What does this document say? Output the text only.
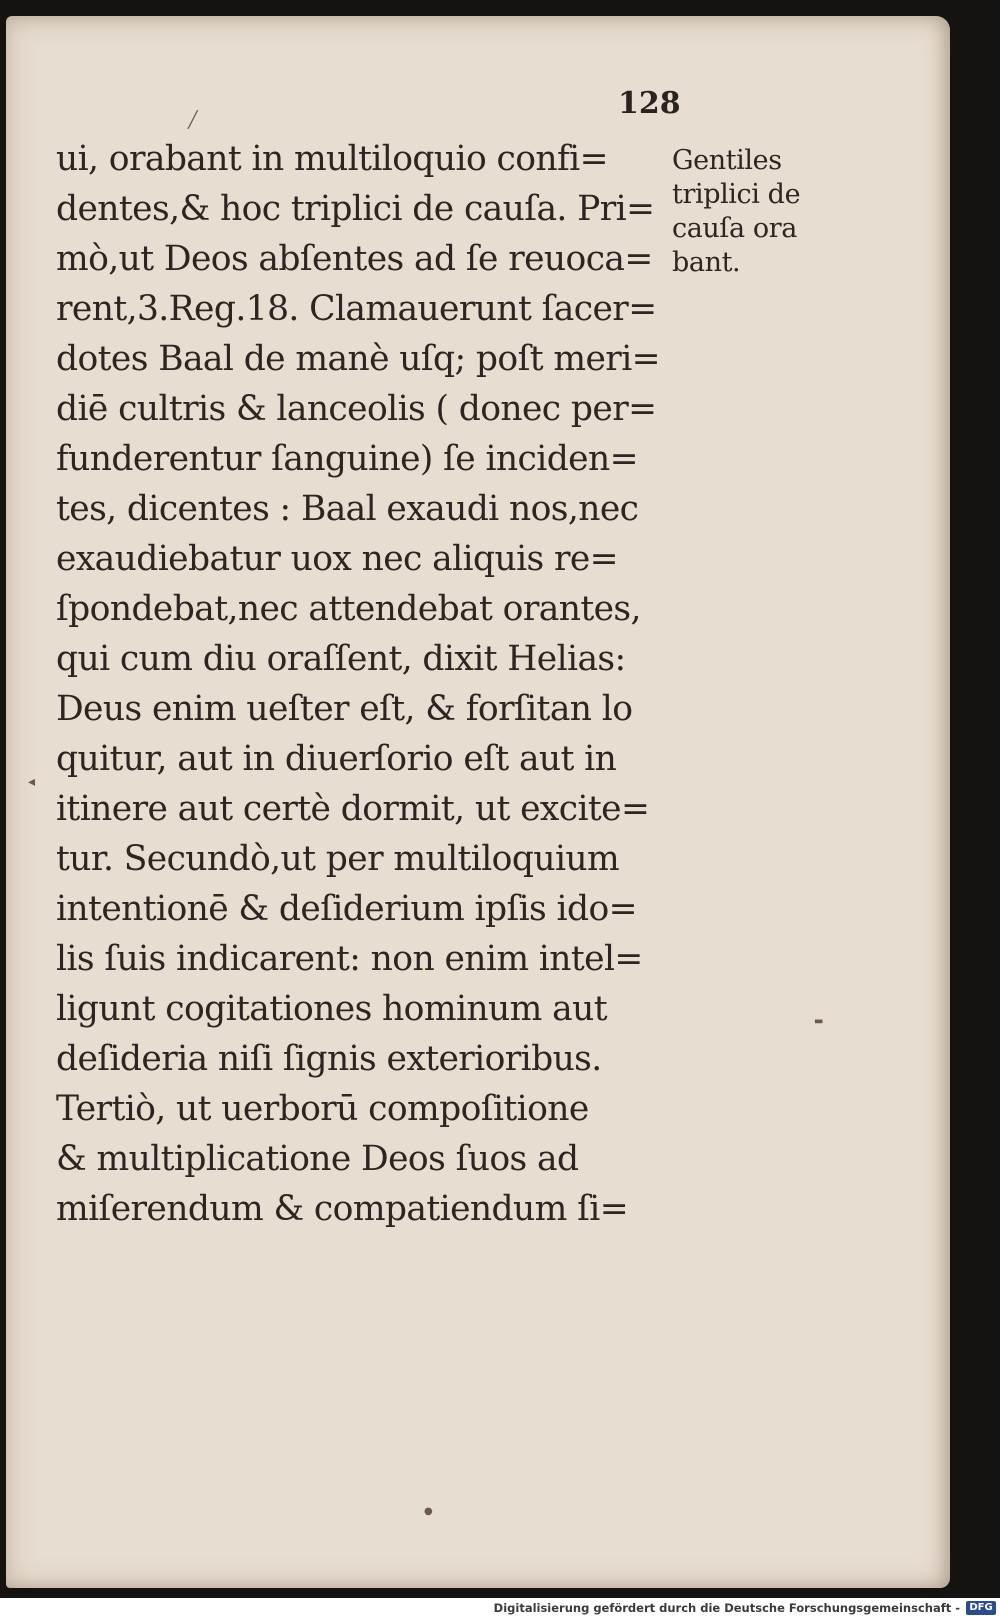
128
ui, orabant in multiloquio confi=
dentes,& hoc triplici de cauſa. Pri=
mò,ut Deos abſentes ad ſe reuoca=
rent,3.Reg.18. Clamauerunt ſacer=
dotes Baal de manè uſq; poſt meri=
diē cultris & lanceolis ( donec per=
funderentur ſanguine) ſe inciden=
tes, dicentes : Baal exaudi nos,nec
exaudiebatur uox nec aliquis re=
ſpondebat,nec attendebat orantes,
qui cum diu oraſſent, dixit Helias:
Deus enim ueſter eſt, & forſitan lo
quitur, aut in diuerſorio eſt aut in
itinere aut certè dormit, ut excite=
tur. Secundò,ut per multiloquium
intentionē & deſiderium ipſis ido=
lis ſuis indicarent: non enim intel=
ligunt cogitationes hominum aut
deſideria niſi ſignis exterioribus.
Tertiò, ut uerborū compoſitione
& multiplicatione Deos ſuos ad
miſerendum & compatiendum ſi=
Gentiles
triplici de
cauſa ora
bant.
╱
◂
▬
●
Digitalisierung gefördert durch die Deutsche Forschungsgemeinschaft - DFG
